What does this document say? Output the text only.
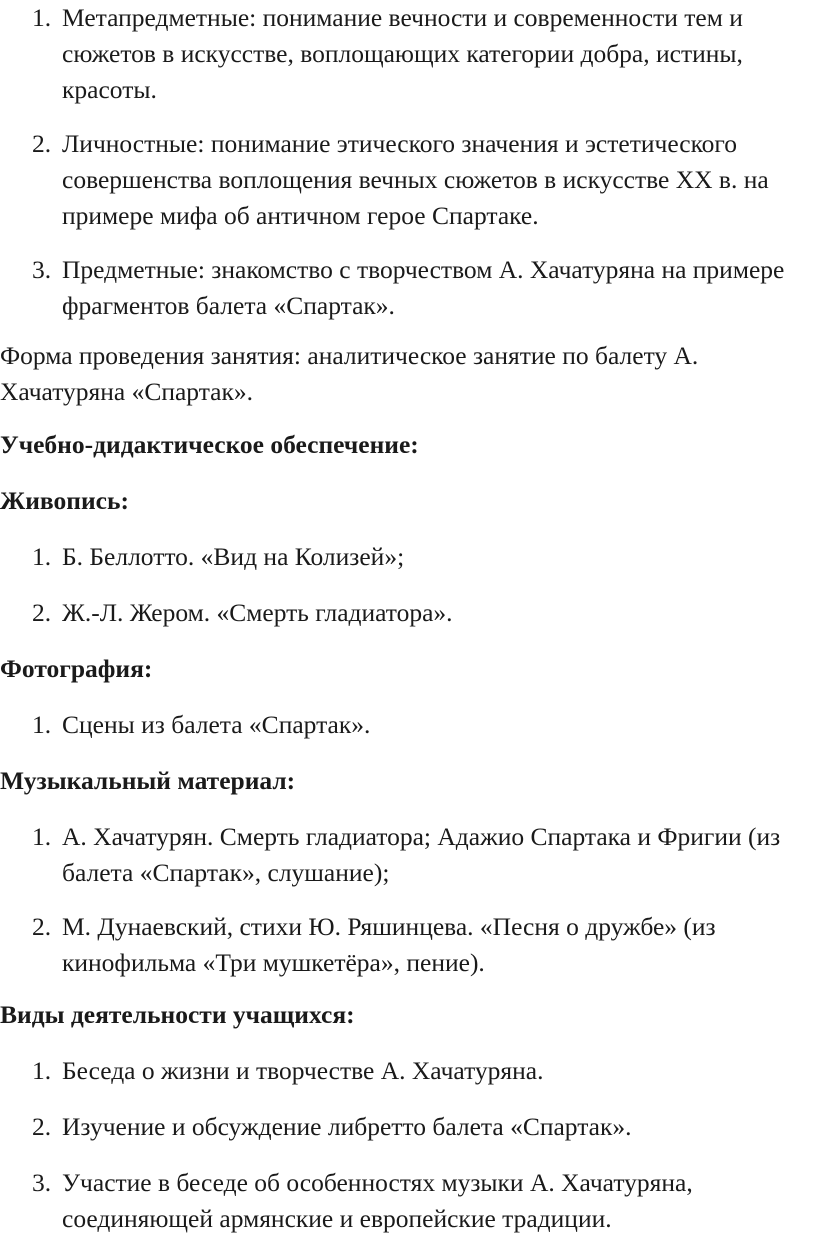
1. Метапредметные: понимание вечности и современности тем и сюжетов в искусстве, воплощающих категории добра, истины, красоты.
2. Личностные: понимание этического значения и эстетического совершенства воплощения вечных сюжетов в искусстве XX в. на примере мифа об античном герое Спартаке.
3. Предметные: знакомство с творчеством А. Хачатуряна на примере фрагментов балета «Спартак».

Форма проведения занятия: аналитическое занятие по балету А. Хачатуряна «Спартак».

Учебно-дидактическое обеспечение:

Живопись:

1. Б. Беллотто. «Вид на Колизей»;
2. Ж.-Л. Жером. «Смерть гладиатора».

Фотография:

1. Сцены из балета «Спартак».

Музыкальный материал:

1. А. Хачатурян. Смерть гладиатора; Адажио Спартака и Фригии (из балета «Спартак», слушание);
2. М. Дунаевский, стихи Ю. Ряшинцева. «Песня о дружбе» (из кинофильма «Три мушкетёра», пение).

Виды деятельности учащихся:

1. Беседа о жизни и творчестве А. Хачатуряна.
2. Изучение и обсуждение либретто балета «Спартак».
3. Участие в беседе об особенностях музыки А. Хачатуряна, соединяющей армянские и европейские традиции.
